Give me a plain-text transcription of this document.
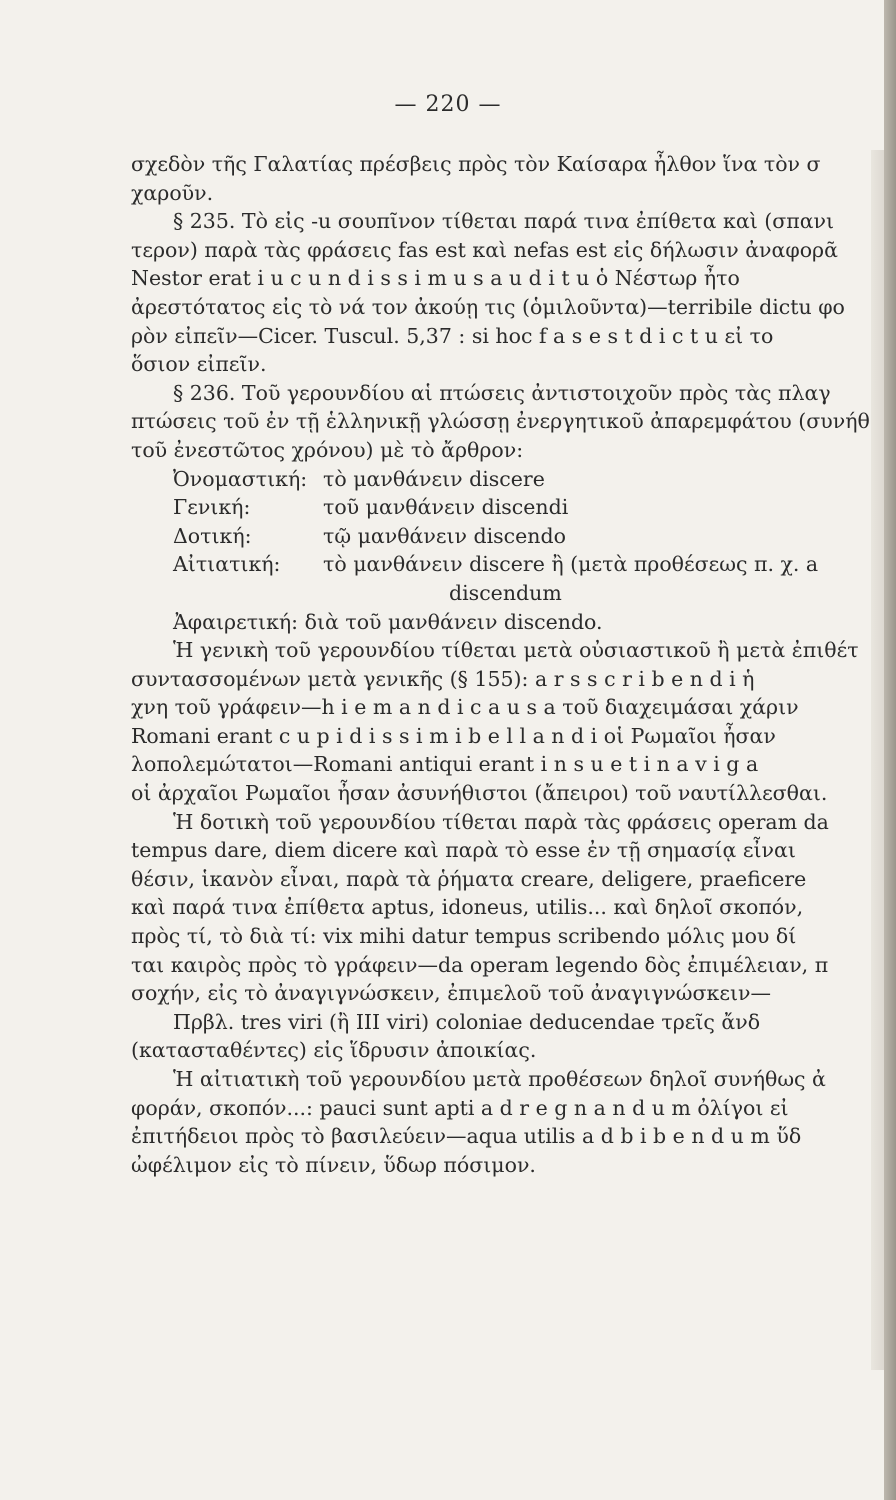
— 220 —
σχεδὸν τῆς Γαλατίας πρέσβεις πρὸς τὸν Καίσαρα ἦλθον ἵνα τὸν σ
χαροῦν.
§ 235. Τὸ εἰς -u σουπῖνον τίθεται παρά τινα ἐπίθετα καὶ (σπανι
τερον) παρὰ τὰς φράσεις fas est καὶ nefas est εἰς δήλωσιν ἀναφορᾶ
Nestor erat i u c u n d i s s i m u s a u d i t u ὁ Νέστωρ ἦτο
ἀρεστότατος εἰς τὸ νά τον ἀκούῃ τις (ὁμιλοῦντα)—terribile dictu φο
ρὸν εἰπεῖν—Cicer. Tuscul. 5,37 : si hoc f a s e s t d i c t u εἰ το
ὅσιον εἰπεῖν.
§ 236. Τοῦ γερουνδίου αἱ πτώσεις ἀντιστοιχοῦν πρὸς τὰς πλαγ
πτώσεις τοῦ ἐν τῇ ἑλληνικῇ γλώσσῃ ἐνεργητικοῦ ἀπαρεμφάτου (συνήθ
τοῦ ἐνεστῶτος χρόνου) μὲ τὸ ἄρθρον:
Ὀνομαστική: τὸ μανθάνειν discere
Γενική:	τοῦ μανθάνειν discendi
Δοτική:	τῷ μανθάνειν discendo
Αἰτιατική: τὸ μανθάνειν discere ἢ (μετὰ προθέσεως π. χ. a
discendum
Ἀφαιρετική: διὰ τοῦ μανθάνειν discendo.
Ἡ γενικὴ τοῦ γερουνδίου τίθεται μετὰ οὐσιαστικοῦ ἢ μετὰ ἐπιθέτ
συντασσομένων μετὰ γενικῆς (§ 155): a r s s c r i b e n d i ἡ
χνη τοῦ γράφειν—h i e m a n d i c a u s a τοῦ διαχειμάσαι χάριν
Romani erant c u p i d i s s i m i b e l l a n d i οἱ Ρωμαῖοι ἦσαν
λοπολεμώτατοι—Romani antiqui erant i n s u e t i n a v i g a
οἱ ἀρχαῖοι Ρωμαῖοι ἦσαν ἀσυνήθιστοι (ἄπειροι) τοῦ ναυτίλλεσθαι.
Ἡ δοτικὴ τοῦ γερουνδίου τίθεται παρὰ τὰς φράσεις operam da
tempus dare, diem dicere καὶ παρὰ τὸ esse ἐν τῇ σημασίᾳ εἶναι
θέσιν, ἱκανὸν εἶναι, παρὰ τὰ ῥήματα creare, deligere, praeficere
καὶ παρά τινα ἐπίθετα aptus, idoneus, utilis... καὶ δηλοῖ σκοπόν,
πρὸς τί, τὸ διὰ τί: vix mihi datur tempus scribendo μόλις μου δί
ται καιρὸς πρὸς τὸ γράφειν—da operam legendo δὸς ἐπιμέλειαν, π
σοχήν, εἰς τὸ ἀναγιγνώσκειν, ἐπιμελοῦ τοῦ ἀναγιγνώσκειν—
Πρβλ. tres viri (ἢ III viri) coloniae deducendae τρεῖς ἄνδ
(κατασταθέντες) εἰς ἵδρυσιν ἀποικίας.
Ἡ αἰτιατικὴ τοῦ γερουνδίου μετὰ προθέσεων δηλοῖ συνήθως ἀ
φοράν, σκοπόν...: pauci sunt apti a d r e g n a n d u m ὀλίγοι εἰ
ἐπιτήδειοι πρὸς τὸ βασιλεύειν—aqua utilis a d b i b e n d u m ὕδ
ὠφέλιμον εἰς τὸ πίνειν, ὕδωρ πόσιμον.
